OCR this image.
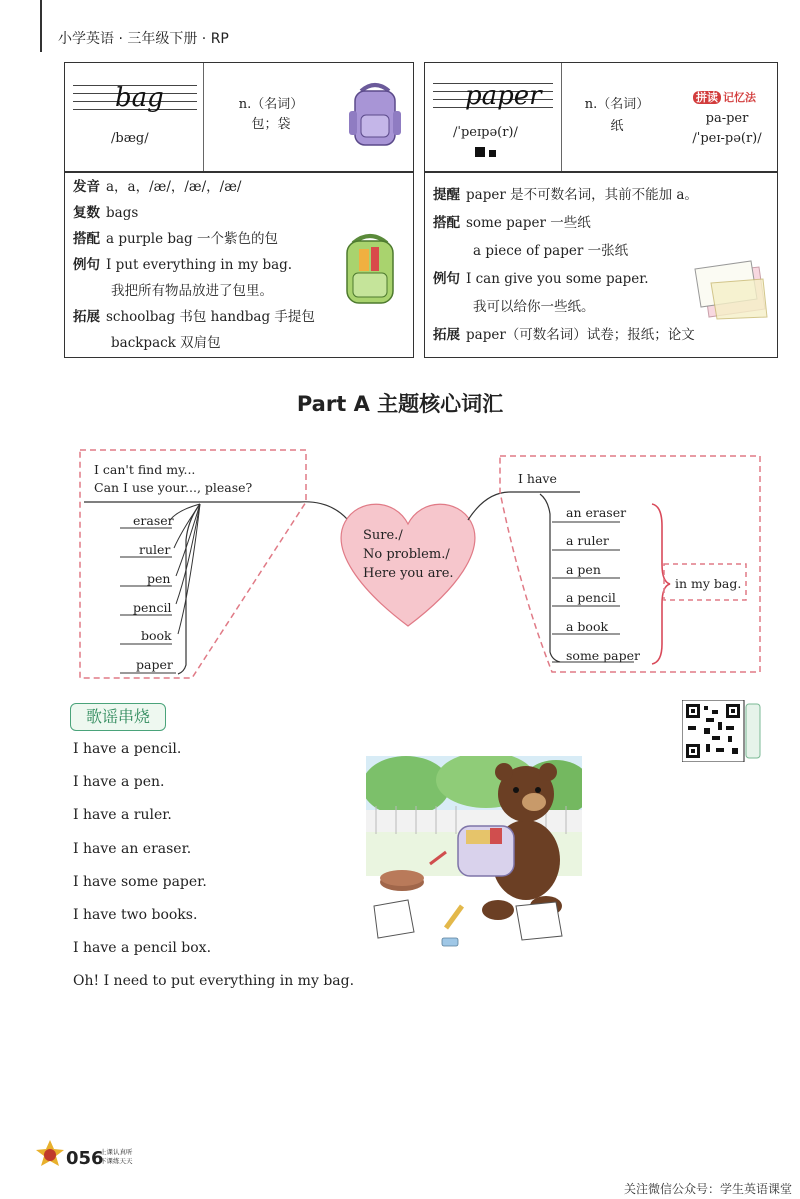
小学英语 · 三年级下册 · RP
bag
/bæg/
n.（名词）
包；袋
发音 a，a，/æ/，/æ/，/æ/
复数 bags
搭配 a purple bag 一个紫色的包
例句 I put everything in my bag.
我把所有物品放进了包里。
拓展 schoolbag 书包 handbag 手提包
backpack 双肩包
paper
/ˈpeɪpə(r)/
n.（名词）
纸
拼读 记忆法
pa-per
/ˈpeɪ-pə(r)/
提醒 paper 是不可数名词，其前不能加 a。
搭配 some paper 一些纸
a piece of paper 一张纸
例句 I can give you some paper.
我可以给你一些纸。
拓展 paper（可数名词）试卷；报纸；论文
Part A 主题核心词汇
I can't find my...
Can I use your..., please?
eraser
ruler
pen
pencil
book
paper
Sure./
No problem./
Here you are.
I have
an eraser
a ruler
a pen
a pencil
a book
some paper
in my bag.
歌谣串烧
I have a pencil.
I have a pen.
I have a ruler.
I have an eraser.
I have some paper.
I have two books.
I have a pencil box.
Oh! I need to put everything in my bag.
056
上课认真听
下课练天天
关注微信公众号：学生英语课堂
